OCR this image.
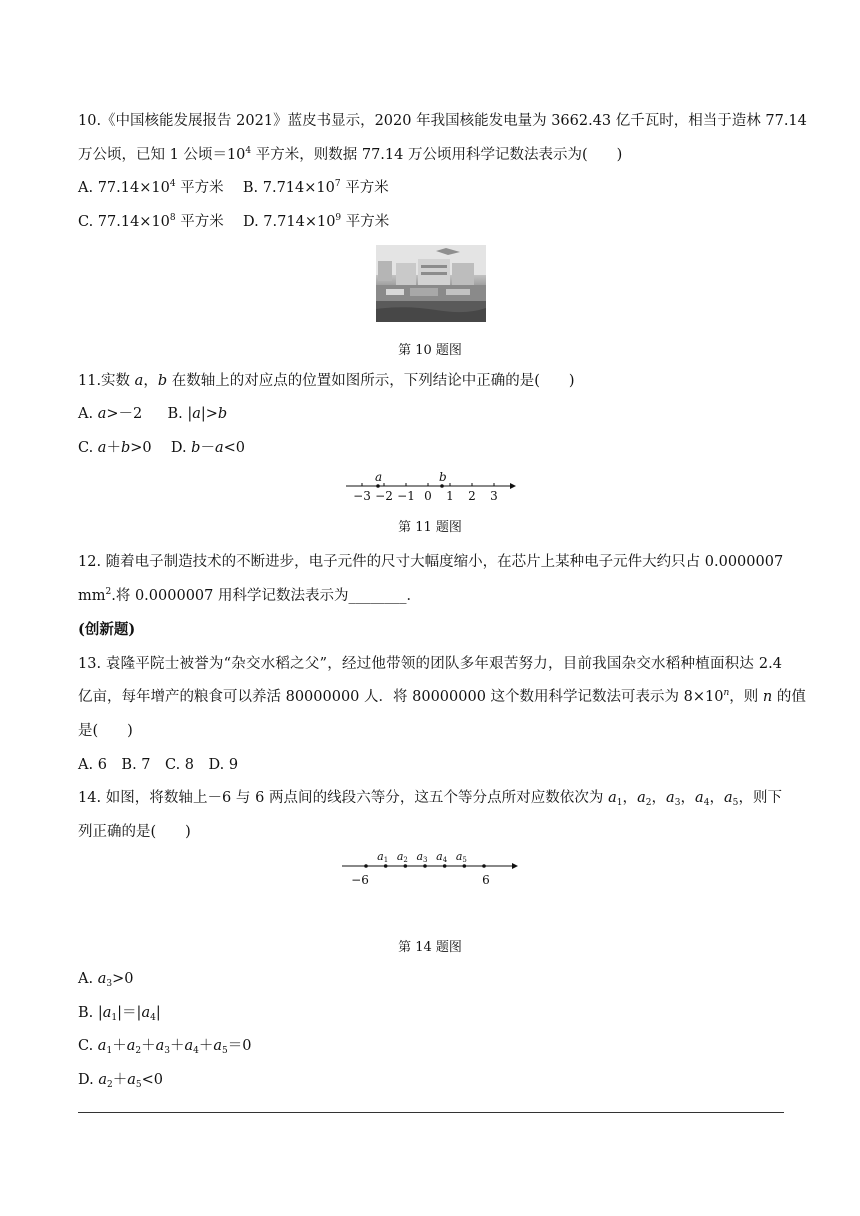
10.《中国核能发展报告 2021》蓝皮书显示，2020 年我国核能发电量为 3662.43 亿千瓦时，相当于造林 77.14
万公顷，已知 1 公顷$=10^4$ 平方米，则数据 77.14 万公顷用科学记数法表示为(　　)
A. $77.14\times 10^4$ 平方米 B. $7.714\times 10^7$ 平方米
C. $77.14\times 10^8$ 平方米 D. $7.714\times 10^9$ 平方米
第 10 题图
11.实数 a，b 在数轴上的对应点的位置如图所示，下列结论中正确的是(　　)
A. a>－2 B. |a|>b
C. a＋b>0 D. b－a<0
−3 −2 −1 0 1 2 3
a	b
第 11 题图
12. 随着电子制造技术的不断进步，电子元件的尺寸大幅度缩小，在芯片上某种电子元件大约只占 0.0000007
$mm^2$.将 0.0000007 用科学记数法表示为________．
(创新题)
13. 袁隆平院士被誉为“杂交水稻之父”，经过他带领的团队多年艰苦努力，目前我国杂交水稻种植面积达 2.4
亿亩，每年增产的粮食可以养活 80000000 人．将 80000000 这个数用科学记数法可表示为 $8\times 10^n$，则 n 的值
是(　　)
A. 6　B. 7　C. 8　D. 9
14. 如图，将数轴上－6 与 6 两点间的线段六等分，这五个等分点所对应数依次为 $a_1$，$a_2$，$a_3$，$a_4$，$a_5$，则下
列正确的是(　　)
a1 a2 a3 a4 a5
−6	6
第 14 题图
A. $a_3>0$
B. $|a_1|=|a_4|$
C. $a_1+a_2+a_3+a_4+a_5=0$
D. $a_2+a_5<0$
